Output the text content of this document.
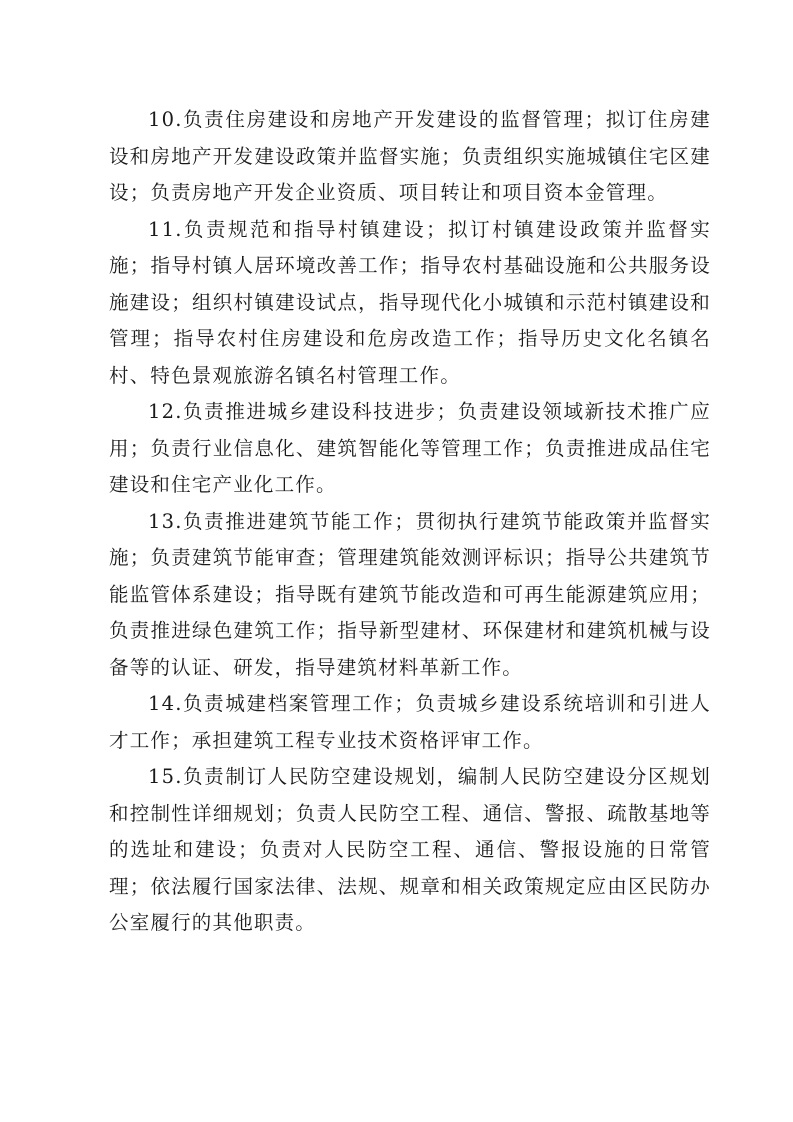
10.负责住房建设和房地产开发建设的监督管理；拟订住房建设和房地产开发建设政策并监督实施；负责组织实施城镇住宅区建设；负责房地产开发企业资质、项目转让和项目资本金管理。

11.负责规范和指导村镇建设；拟订村镇建设政策并监督实施；指导村镇人居环境改善工作；指导农村基础设施和公共服务设施建设；组织村镇建设试点，指导现代化小城镇和示范村镇建设和管理；指导农村住房建设和危房改造工作；指导历史文化名镇名村、特色景观旅游名镇名村管理工作。

12.负责推进城乡建设科技进步；负责建设领域新技术推广应用；负责行业信息化、建筑智能化等管理工作；负责推进成品住宅建设和住宅产业化工作。

13.负责推进建筑节能工作；贯彻执行建筑节能政策并监督实施；负责建筑节能审查；管理建筑能效测评标识；指导公共建筑节能监管体系建设；指导既有建筑节能改造和可再生能源建筑应用；负责推进绿色建筑工作；指导新型建材、环保建材和建筑机械与设备等的认证、研发，指导建筑材料革新工作。

14.负责城建档案管理工作；负责城乡建设系统培训和引进人才工作；承担建筑工程专业技术资格评审工作。

15.负责制订人民防空建设规划，编制人民防空建设分区规划和控制性详细规划；负责人民防空工程、通信、警报、疏散基地等的选址和建设；负责对人民防空工程、通信、警报设施的日常管理；依法履行国家法律、法规、规章和相关政策规定应由区民防办公室履行的其他职责。
